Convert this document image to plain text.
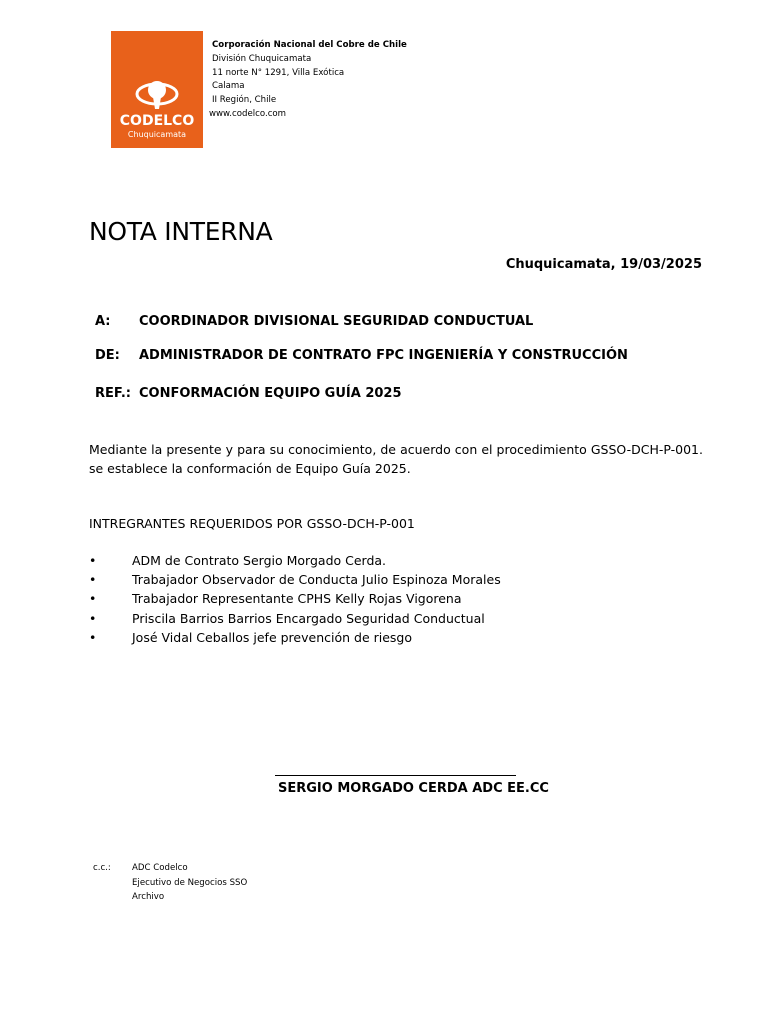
CODELCO
Chuquicamata
Corporación Nacional del Cobre de Chile
División Chuquicamata
11 norte N° 1291, Villa Exótica
Calama
II Región, Chile
www.codelco.com
NOTA INTERNA
Chuquicamata, 19/03/2025
A: COORDINADOR DIVISIONAL SEGURIDAD CONDUCTUAL
DE: ADMINISTRADOR DE CONTRATO FPC INGENIERÍA Y CONSTRUCCIÓN
REF.: CONFORMACIÓN EQUIPO GUÍA 2025

Mediante la presente y para su conocimiento, de acuerdo con el procedimiento GSSO-DCH-P-001. se establece la conformación de Equipo Guía 2025.

INTREGRANTES REQUERIDOS POR GSSO-DCH-P-001
•	ADM de Contrato Sergio Morgado Cerda.
•	Trabajador Observador de Conducta Julio Espinoza Morales
•	Trabajador Representante CPHS Kelly Rojas Vigorena
•	Priscila Barrios Barrios Encargado Seguridad Conductual
•	José Vidal Ceballos jefe prevención de riesgo
SERGIO MORGADO CERDA ADC EE.CC
c.c.: ADC Codelco
Ejecutivo de Negocios SSO
Archivo
